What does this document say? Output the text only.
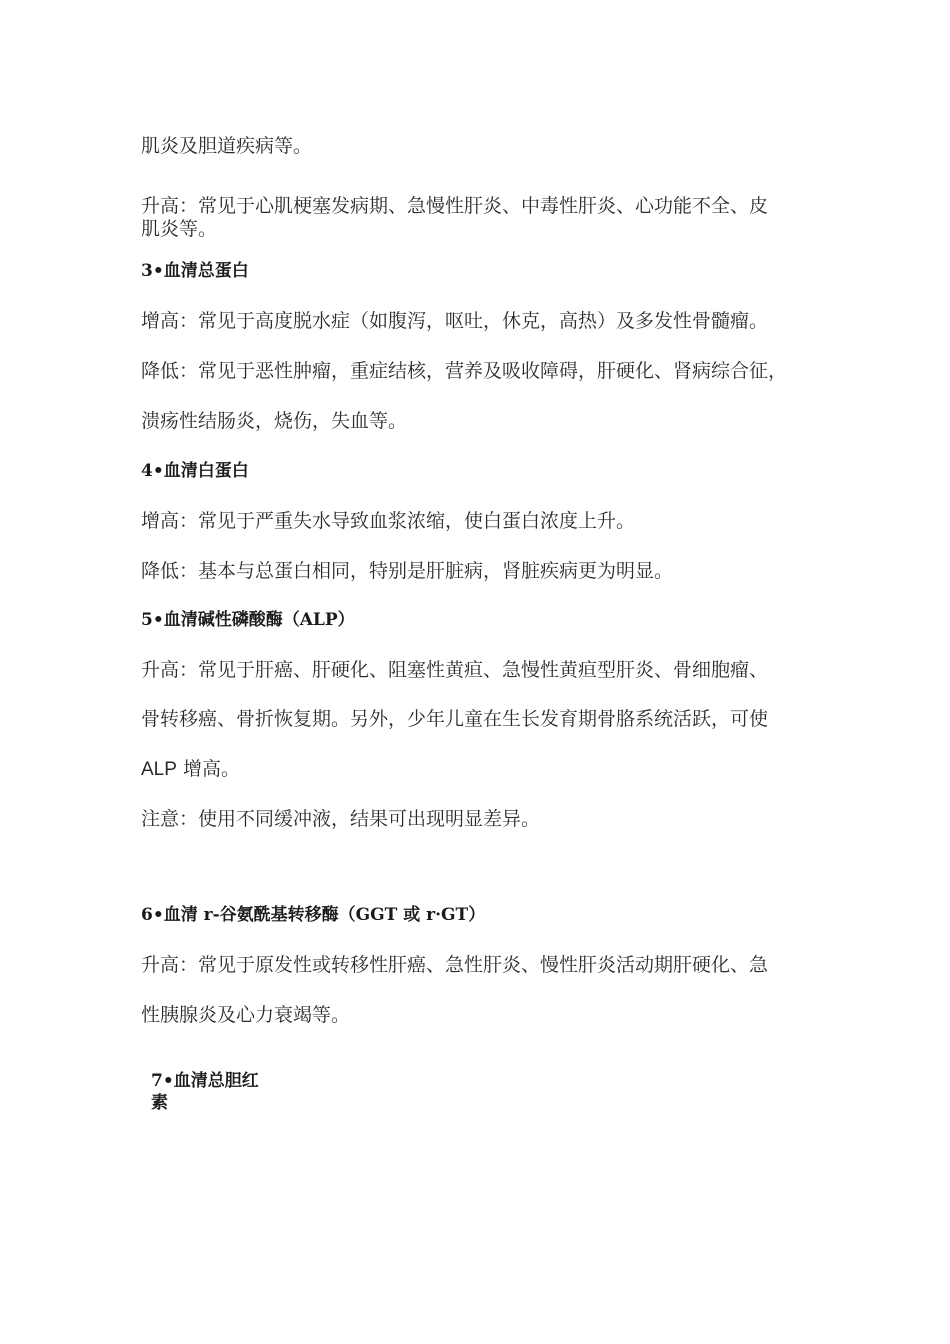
肌炎及胆道疾病等。

升高：常见于心肌梗塞发病期、急慢性肝炎、中毒性肝炎、心功能不全、皮

肌炎等。

3•血清总蛋白

增高：常见于高度脱水症（如腹泻，呕吐，休克，高热）及多发性骨髓瘤。

降低：常见于恶性肿瘤，重症结核，营养及吸收障碍，肝硬化、肾病综合征，

溃疡性结肠炎，烧伤，失血等。

4•血清白蛋白

增高：常见于严重失水导致血浆浓缩，使白蛋白浓度上升。

降低：基本与总蛋白相同，特别是肝脏病，肾脏疾病更为明显。

5•血清碱性磷酸酶（ALP）

升高：常见于肝癌、肝硬化、阻塞性黄疸、急慢性黄疸型肝炎、骨细胞瘤、

骨转移癌、骨折恢复期。另外，少年儿童在生长发育期骨胳系统活跃，可使

ALP 增高。

注意：使用不同缓冲液，结果可出现明显差异。

6•血清 r-谷氨酰基转移酶（GGT 或 r·GT）

升高：常见于原发性或转移性肝癌、急性肝炎、慢性肝炎活动期肝硬化、急

性胰腺炎及心力衰竭等。

7•血清总胆红
素
